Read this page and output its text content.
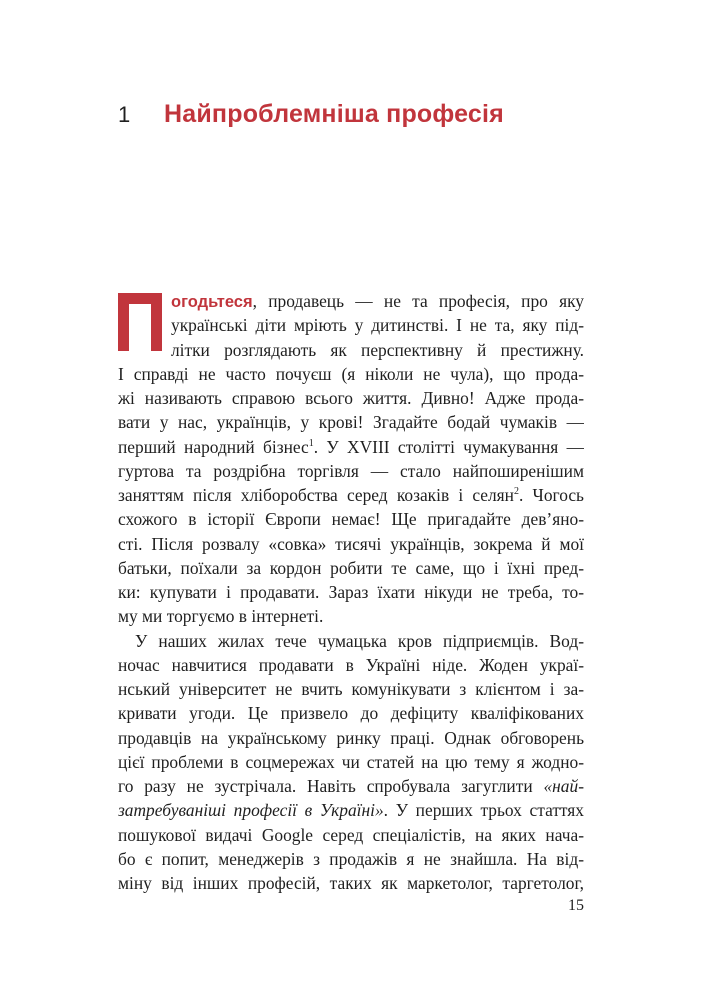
1	Найпроблемніша професія
огодьтеся, продавець — не та професія, про яку
українські діти мріють у дитинстві. І не та, яку під-
літки розглядають як перспективну й престижну.
І справді не часто почуєш (я ніколи не чула), що прода-
жі називають справою всього життя. Дивно! Адже прода-
вати у нас, українців, у крові! Згадайте бодай чумаків —
перший народний бізнес$^1$. У XVIII столітті чумакування —
гуртова та роздрібна торгівля — стало найпоширенішим
заняттям після хліборобства серед козаків і селян$^2$. Чогось
схожого в історії Європи немає! Ще пригадайте дев’яно-
сті. Після розвалу «совка» тисячі українців, зокрема й мої
батьки, поїхали за кордон робити те саме, що і їхні пред-
ки: купувати і продавати. Зараз їхати нікуди не треба, то-
му ми торгуємо в інтернеті.
У наших жилах тече чумацька кров підприємців. Вод-
ночас навчитися продавати в Україні ніде. Жоден украї-
нський університет не вчить комунікувати з клієнтом і за-
кривати угоди. Це призвело до дефіциту кваліфікованих
продавців на українському ринку праці. Однак обговорень
цієї проблеми в соцмережах чи статей на цю тему я жодно-
го разу не зустрічала. Навіть спробувала загуглити «най-
затребуваніші професії в Україні». У перших трьох статтях
пошукової видачі Google серед спеціалістів, на яких нача-
бо є попит, менеджерів з продажів я не знайшла. На від-
міну від інших професій, таких як маркетолог, таргетолог,
15
